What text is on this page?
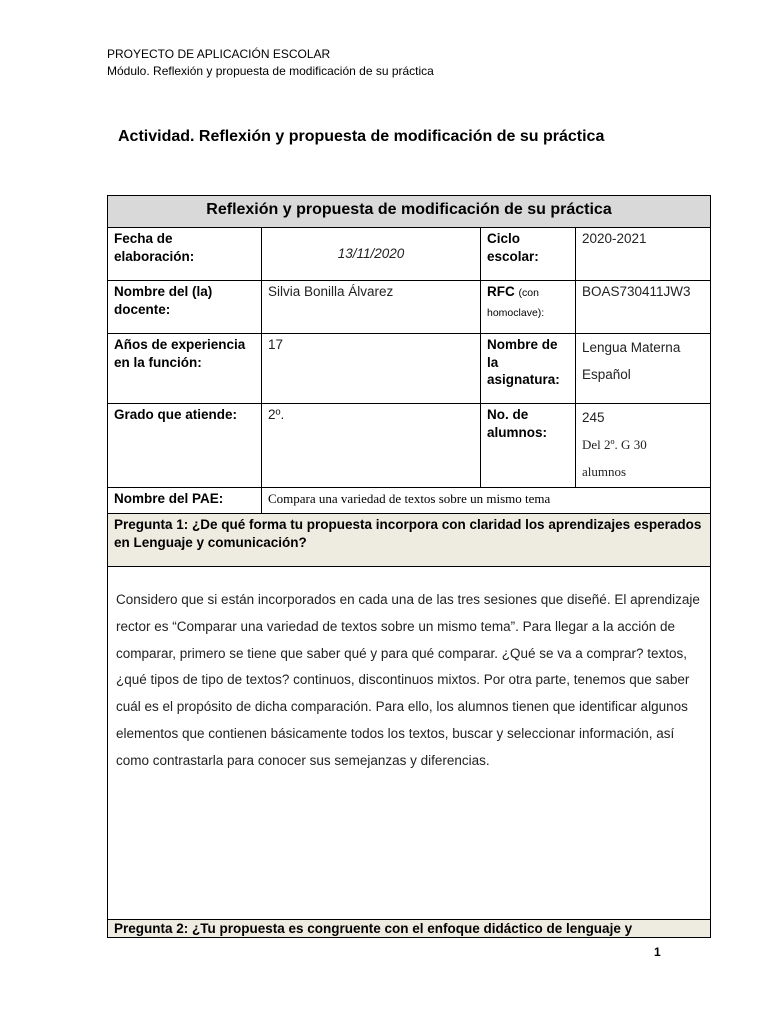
PROYECTO DE APLICACIÓN ESCOLAR
Módulo. Reflexión y propuesta de modificación de su práctica
Actividad. Reflexión y propuesta de modificación de su práctica
Reflexión y propuesta de modificación de su práctica			
Fecha de elaboración:	13/11/2020	Ciclo escolar:	2020-2021
Nombre del (la) docente:	Silvia Bonilla Álvarez	RFC (con homoclave):	BOAS730411JW3
Años de experiencia en la función:	17	Nombre de la asignatura:	Lengua Materna
Español

Grado que atiende:	2º.	No. de alumnos:	245
Del 2º. G 30
alumnos

Nombre del PAE:	Compara una variedad de textos sobre un mismo tema		
Pregunta 1: ¿De qué forma tu propuesta incorpora con claridad los aprendizajes esperados en Lenguaje y comunicación?			

Considero que si están incorporados en cada una de las tres sesiones que diseñé. El aprendizaje rector es “Comparar una variedad de textos sobre un mismo tema”. Para llegar a la acción de comparar, primero se tiene que saber qué y para qué comparar. ¿Qué se va a comprar? textos, ¿qué tipos de tipo de textos? continuos, discontinuos mixtos. Por otra parte, tenemos que saber cuál es el propósito de dicha comparación. Para ello, los alumnos tienen que identificar algunos elementos que contienen básicamente todos los textos, buscar y seleccionar información, así como contrastarla para conocer sus semejanzas y diferencias.			

Pregunta 2: ¿Tu propuesta es congruente con el enfoque didáctico de lenguaje y			
1
